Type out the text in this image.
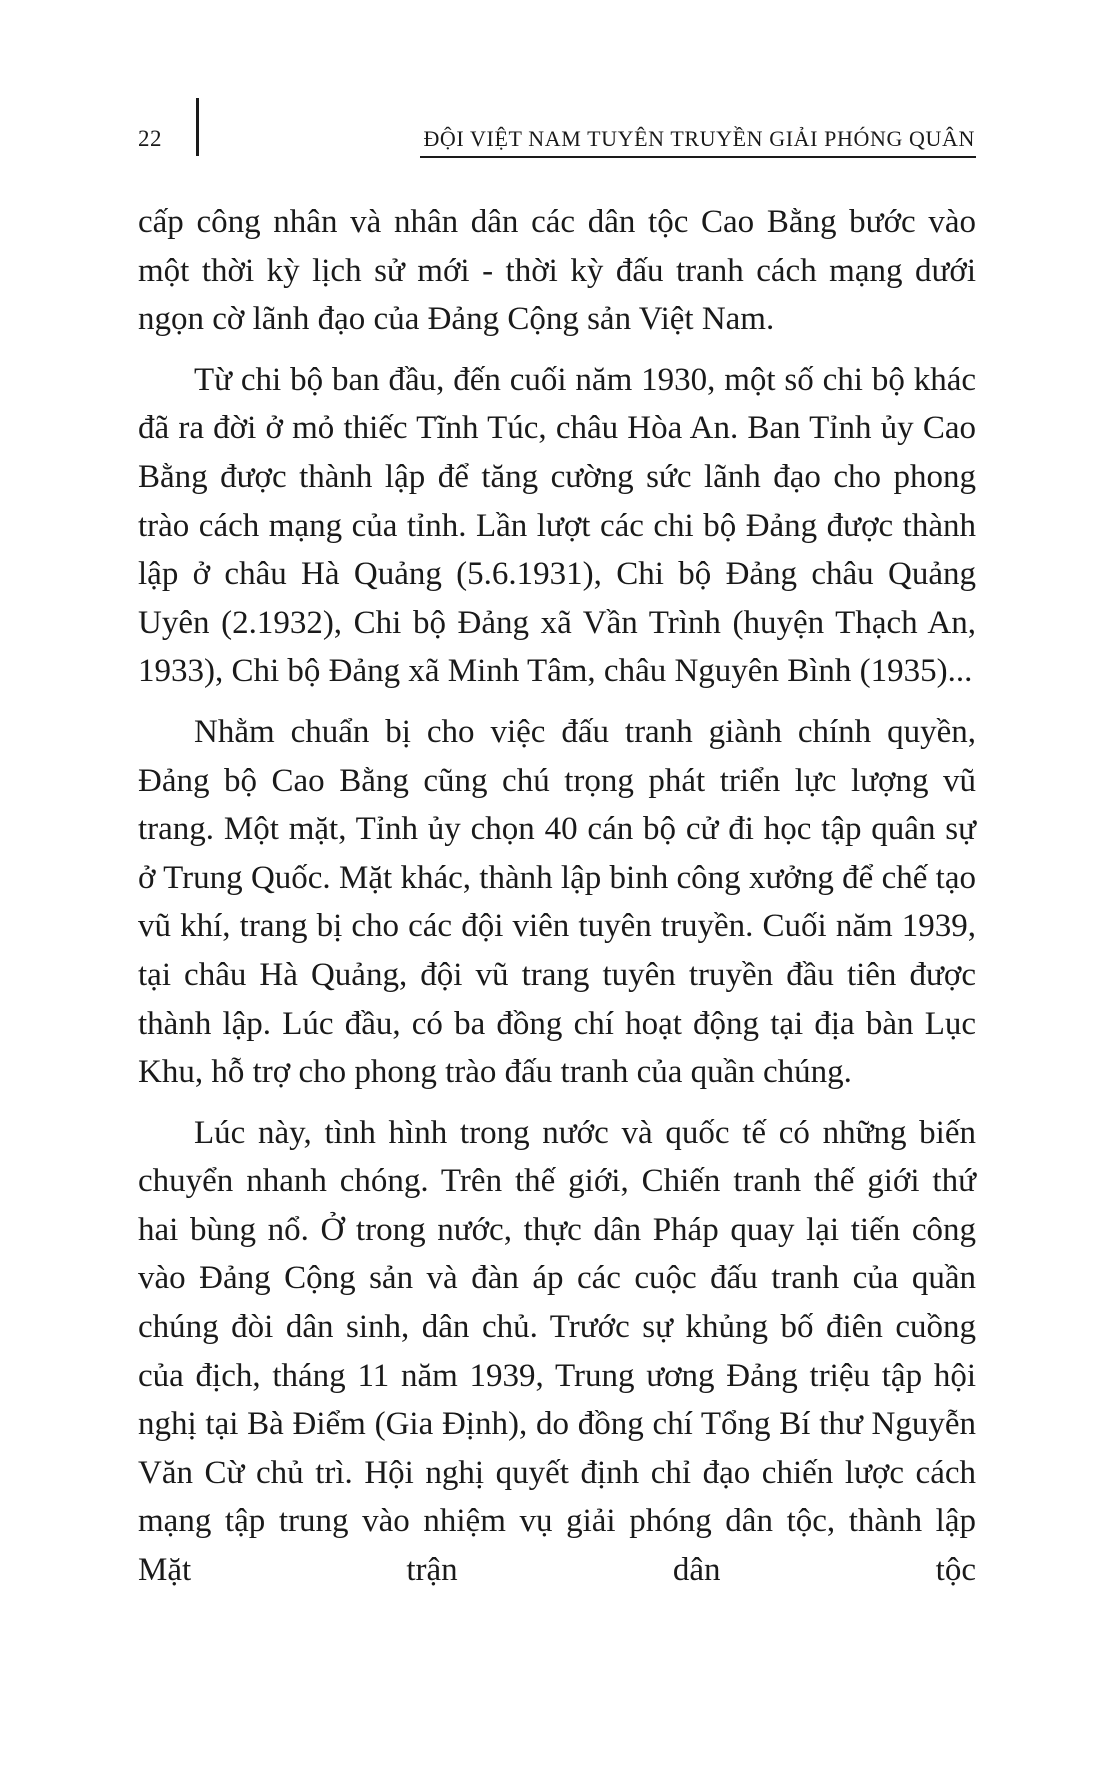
22	ĐỘI VIỆT NAM TUYÊN TRUYỀN GIẢI PHÓNG QUÂN

cấp công nhân và nhân dân các dân tộc Cao Bằng bước vào một thời kỳ lịch sử mới - thời kỳ đấu tranh cách mạng dưới ngọn cờ lãnh đạo của Đảng Cộng sản Việt Nam.

Từ chi bộ ban đầu, đến cuối năm 1930, một số chi bộ khác đã ra đời ở mỏ thiếc Tĩnh Túc, châu Hòa An. Ban Tỉnh ủy Cao Bằng được thành lập để tăng cường sức lãnh đạo cho phong trào cách mạng của tỉnh. Lần lượt các chi bộ Đảng được thành lập ở châu Hà Quảng (5.6.1931), Chi bộ Đảng châu Quảng Uyên (2.1932), Chi bộ Đảng xã Vần Trình (huyện Thạch An, 1933), Chi bộ Đảng xã Minh Tâm, châu Nguyên Bình (1935)...

Nhằm chuẩn bị cho việc đấu tranh giành chính quyền, Đảng bộ Cao Bằng cũng chú trọng phát triển lực lượng vũ trang. Một mặt, Tỉnh ủy chọn 40 cán bộ cử đi học tập quân sự ở Trung Quốc. Mặt khác, thành lập binh công xưởng để chế tạo vũ khí, trang bị cho các đội viên tuyên truyền. Cuối năm 1939, tại châu Hà Quảng, đội vũ trang tuyên truyền đầu tiên được thành lập. Lúc đầu, có ba đồng chí hoạt động tại địa bàn Lục Khu, hỗ trợ cho phong trào đấu tranh của quần chúng.

Lúc này, tình hình trong nước và quốc tế có những biến chuyển nhanh chóng. Trên thế giới, Chiến tranh thế giới thứ hai bùng nổ. Ở trong nước, thực dân Pháp quay lại tiến công vào Đảng Cộng sản và đàn áp các cuộc đấu tranh của quần chúng đòi dân sinh, dân chủ. Trước sự khủng bố điên cuồng của địch, tháng 11 năm 1939, Trung ương Đảng triệu tập hội nghị tại Bà Điểm (Gia Định), do đồng chí Tổng Bí thư Nguyễn Văn Cừ chủ trì. Hội nghị quyết định chỉ đạo chiến lược cách mạng tập trung vào nhiệm vụ giải phóng dân tộc, thành lập Mặt trận dân tộc
